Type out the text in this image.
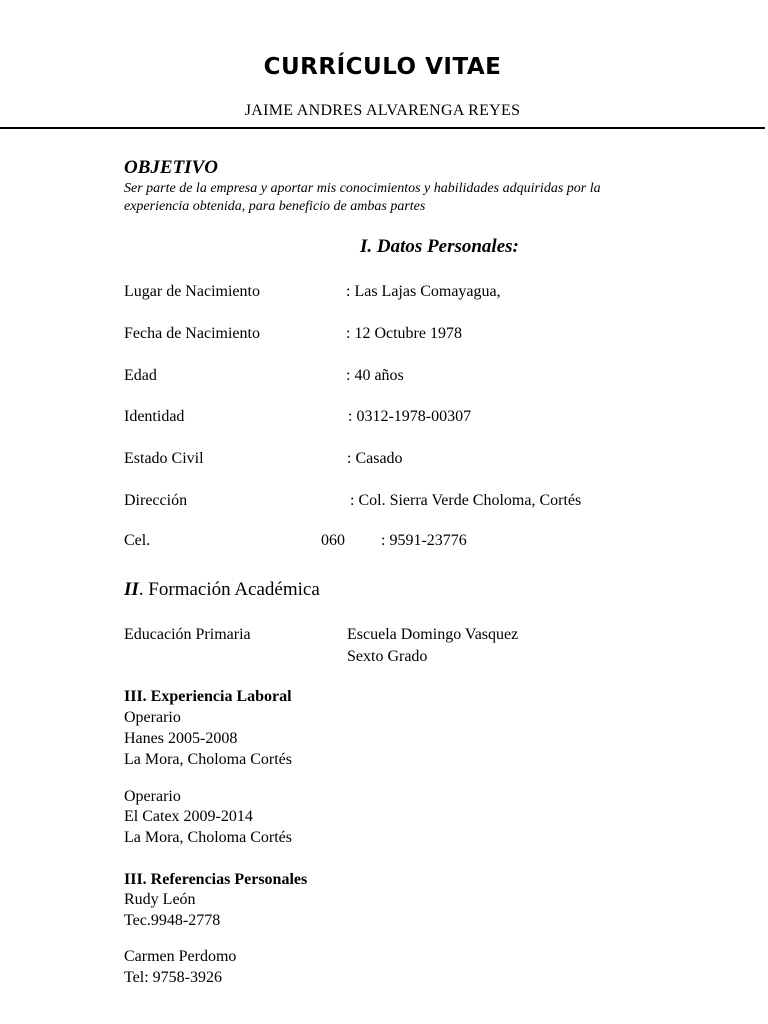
CURRÍCULO VITAE
JAIME ANDRES ALVARENGA REYES
OBJETIVO
Ser parte de la empresa y aportar mis conocimientos y habilidades adquiridas por la
experiencia obtenida, para beneficio de ambas partes
I. Datos Personales:
Lugar de Nacimiento	: Las Lajas Comayagua,
Fecha de Nacimiento	: 12 Octubre 1978
Edad	: 40 años
Identidad	: 0312-1978-00307
Estado Civil	: Casado
Dirección	: Col. Sierra Verde Choloma, Cortés
Cel.	060 : 9591-23776
II. Formación Académica
Educación Primaria	Escuela Domingo Vasquez
Sexto Grado
III. Experiencia Laboral
Operario
Hanes 2005-2008
La Mora, Choloma Cortés
Operario
El Catex 2009-2014
La Mora, Choloma Cortés
III. Referencias Personales
Rudy León
Tec.9948-2778
Carmen Perdomo
Tel: 9758-3926
